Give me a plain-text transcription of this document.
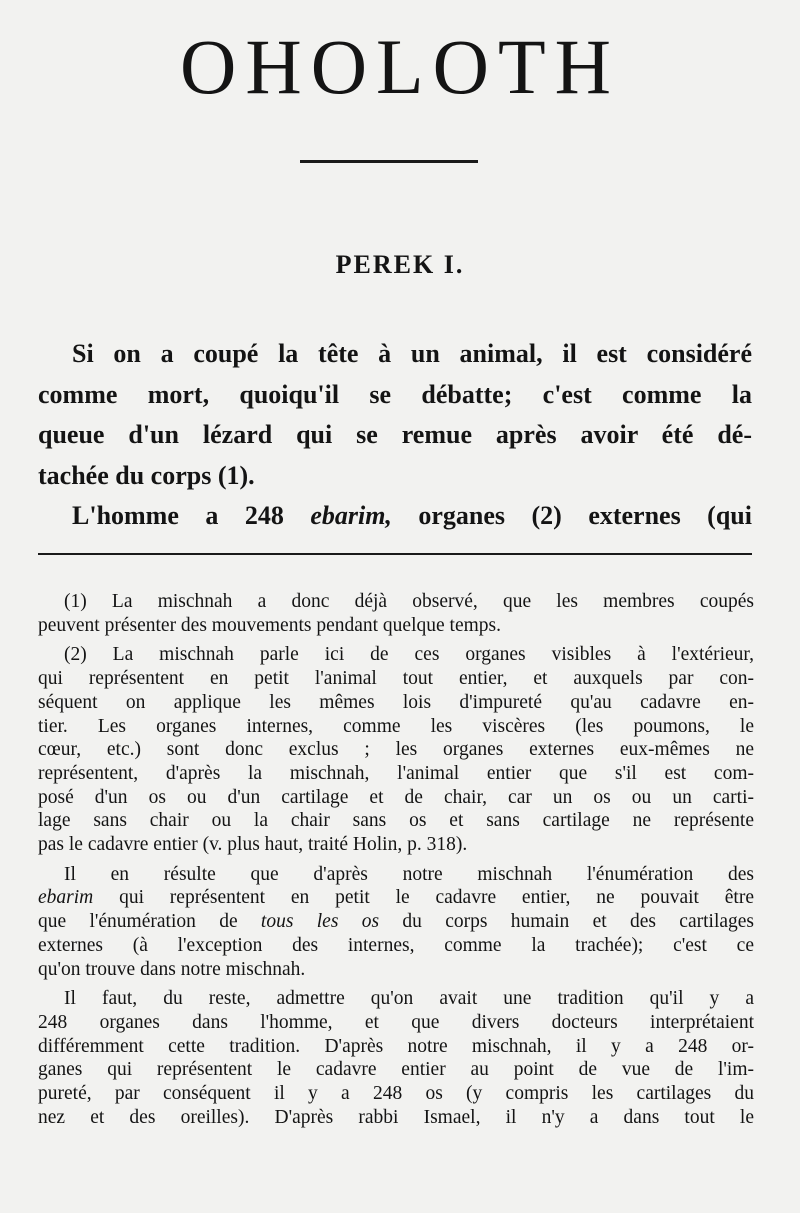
OHOLOTH
PEREK I.
Si on a coupé la tête à un animal, il est considéré
comme mort, quoiqu'il se débatte; c'est comme la
queue d'un lézard qui se remue après avoir été dé-
tachée du corps (1).
L'homme a 248 ebarim, organes (2) externes (qui
(1) La mischnah a donc déjà observé, que les membres coupés
peuvent présenter des mouvements pendant quelque temps.
(2) La mischnah parle ici de ces organes visibles à l'extérieur,
qui représentent en petit l'animal tout entier, et auxquels par con-
séquent on applique les mêmes lois d'impureté qu'au cadavre en-
tier. Les organes internes, comme les viscères (les poumons, le
cœur, etc.) sont donc exclus ; les organes externes eux-mêmes ne
représentent, d'après la mischnah, l'animal entier que s'il est com-
posé d'un os ou d'un cartilage et de chair, car un os ou un carti-
lage sans chair ou la chair sans os et sans cartilage ne représente
pas le cadavre entier (v. plus haut, traité Holin, p. 318).
Il en résulte que d'après notre mischnah l'énumération des
ebarim qui représentent en petit le cadavre entier, ne pouvait être
que l'énumération de tous les os du corps humain et des cartilages
externes (à l'exception des internes, comme la trachée); c'est ce
qu'on trouve dans notre mischnah.
Il faut, du reste, admettre qu'on avait une tradition qu'il y a
248 organes dans l'homme, et que divers docteurs interprétaient
différemment cette tradition. D'après notre mischnah, il y a 248 or-
ganes qui représentent le cadavre entier au point de vue de l'im-
pureté, par conséquent il y a 248 os (y compris les cartilages du
nez et des oreilles). D'après rabbi Ismael, il n'y a dans tout le
